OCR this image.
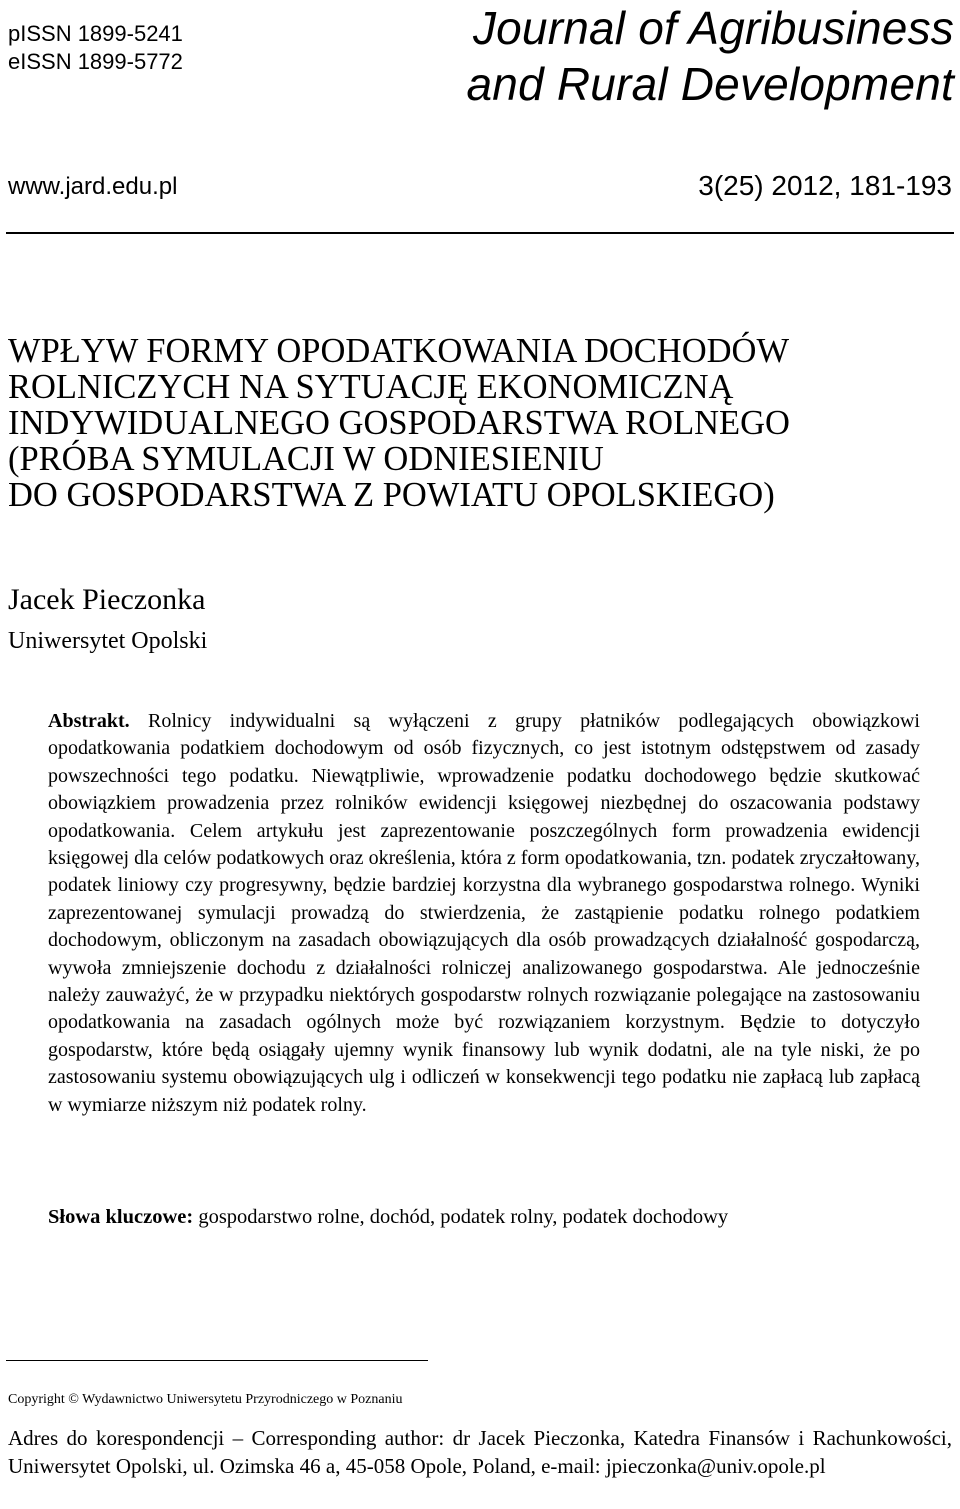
pISSN 1899-5241
eISSN 1899-5772
Journal of Agribusiness
and Rural Development
www.jard.edu.pl	3(25) 2012, 181-193
WPŁYW FORMY OPODATKOWANIA DOCHODÓW
ROLNICZYCH NA SYTUACJĘ EKONOMICZNĄ
INDYWIDUALNEGO GOSPODARSTWA ROLNEGO
(PRÓBA SYMULACJI W ODNIESIENIU
DO GOSPODARSTWA Z POWIATU OPOLSKIEGO)
Jacek Pieczonka
Uniwersytet Opolski
Abstrakt. Rolnicy indywidualni są wyłączeni z grupy płatników podlegających obowiązkowi opodatkowania podatkiem dochodowym od osób fizycznych, co jest istotnym odstępstwem od zasady powszechności tego podatku. Niewątpliwie, wprowadzenie podatku dochodowego będzie skutkować obowiązkiem prowadzenia przez rolników ewidencji księgowej niezbędnej do oszacowania podstawy opodatkowania. Celem artykułu jest zaprezentowanie poszczególnych form prowadzenia ewidencji księgowej dla celów podatkowych oraz określenia, która z form opodatkowania, tzn. podatek zryczałtowany, podatek liniowy czy progresywny, będzie bardziej korzystna dla wybranego gospodarstwa rolnego. Wyniki zaprezentowanej symulacji prowadzą do stwierdzenia, że zastąpienie podatku rolnego podatkiem dochodowym, obliczonym na zasadach obowiązujących dla osób prowadzących działalność gospodarczą, wywoła zmniejszenie dochodu z działalności rolniczej analizowanego gospodarstwa. Ale jednocześnie należy zauważyć, że w przypadku niektórych gospodarstw rolnych rozwiązanie polegające na zastosowaniu opodatkowania na zasadach ogólnych może być rozwiązaniem korzystnym. Będzie to dotyczyło gospodarstw, które będą osiągały ujemny wynik finansowy lub wynik dodatni, ale na tyle niski, że po zastosowaniu systemu obowiązujących ulg i odliczeń w konsekwencji tego podatku nie zapłacą lub zapłacą w wymiarze niższym niż podatek rolny.
Słowa kluczowe: gospodarstwo rolne, dochód, podatek rolny, podatek dochodowy
Copyright © Wydawnictwo Uniwersytetu Przyrodniczego w Poznaniu
Adres do korespondencji – Corresponding author: dr Jacek Pieczonka, Katedra Finansów i Rachunkowości, Uniwersytet Opolski, ul. Ozimska 46 a, 45-058 Opole, Poland, e-mail: jpieczonka@univ.opole.pl
